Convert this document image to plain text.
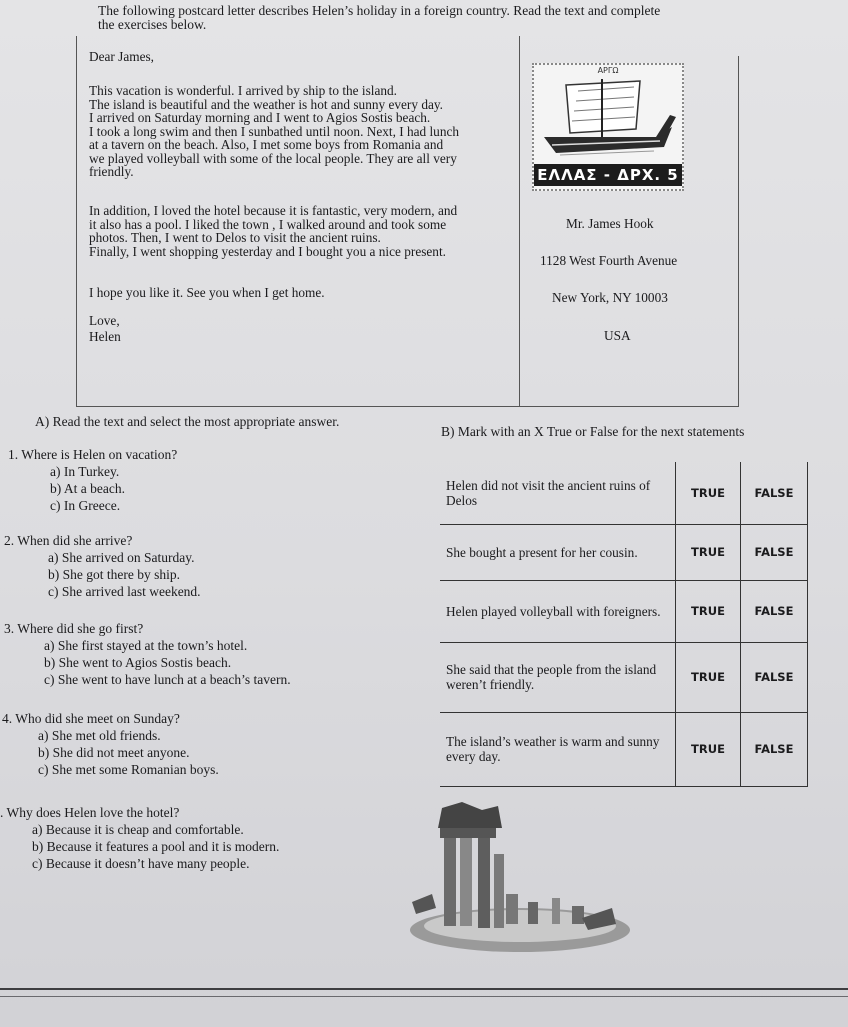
The following postcard letter describes Helen’s holiday in a foreign country. Read the text and complete
the exercises below.
Dear James,
This vacation is wonderful. I arrived by ship to the island.
The island is beautiful and the weather is hot and sunny every day.
I arrived on Saturday morning and I went to Agios Sostis beach.
I took a long swim and then I sunbathed until noon. Next, I had lunch
at a tavern on the beach. Also, I met some boys from Romania and
we played volleyball with some of the local people. They are all very
friendly.
In addition, I loved the hotel because it is fantastic, very modern, and
it also has a pool. I liked the town , I walked around and took some
photos. Then, I went to Delos to visit the ancient ruins.
Finally, I went shopping yesterday and I bought you a nice present.
I hope you like it. See you when I get home.
Love,
Helen
ΑΡΓΩ
ΕΛΛΑΣ - ΔΡΧ. 5
Mr. James Hook
1128 West Fourth Avenue
New York, NY 10003
USA
A) Read the text and select the most appropriate answer.
B) Mark with an X True or False for the next statements
1. Where is Helen on vacation?
a) In Turkey.
b) At a beach.
c) In Greece.
2. When did she arrive?
a) She arrived on Saturday.
b) She got there by ship.
c) She arrived last weekend.
3. Where did she go first?
a) She first stayed at the town’s hotel.
b) She went to Agios Sostis beach.
c) She went to have lunch at a beach’s tavern.
4. Who did she meet on Sunday?
a) She met old friends.
b) She did not meet anyone.
c) She met some Romanian boys.
. Why does Helen love the hotel?
a) Because it is cheap and comfortable.
b) Because it features a pool and it is modern.
c) Because it doesn’t have many people.
Helen did not visit the ancient ruins of Delos	TRUE	FALSE
She bought a present for her cousin.	TRUE	FALSE
Helen played volleyball with foreigners.	TRUE	FALSE
She said that the people from the island weren’t friendly.	TRUE	FALSE
The island’s weather is warm and sunny every day.	TRUE	FALSE
